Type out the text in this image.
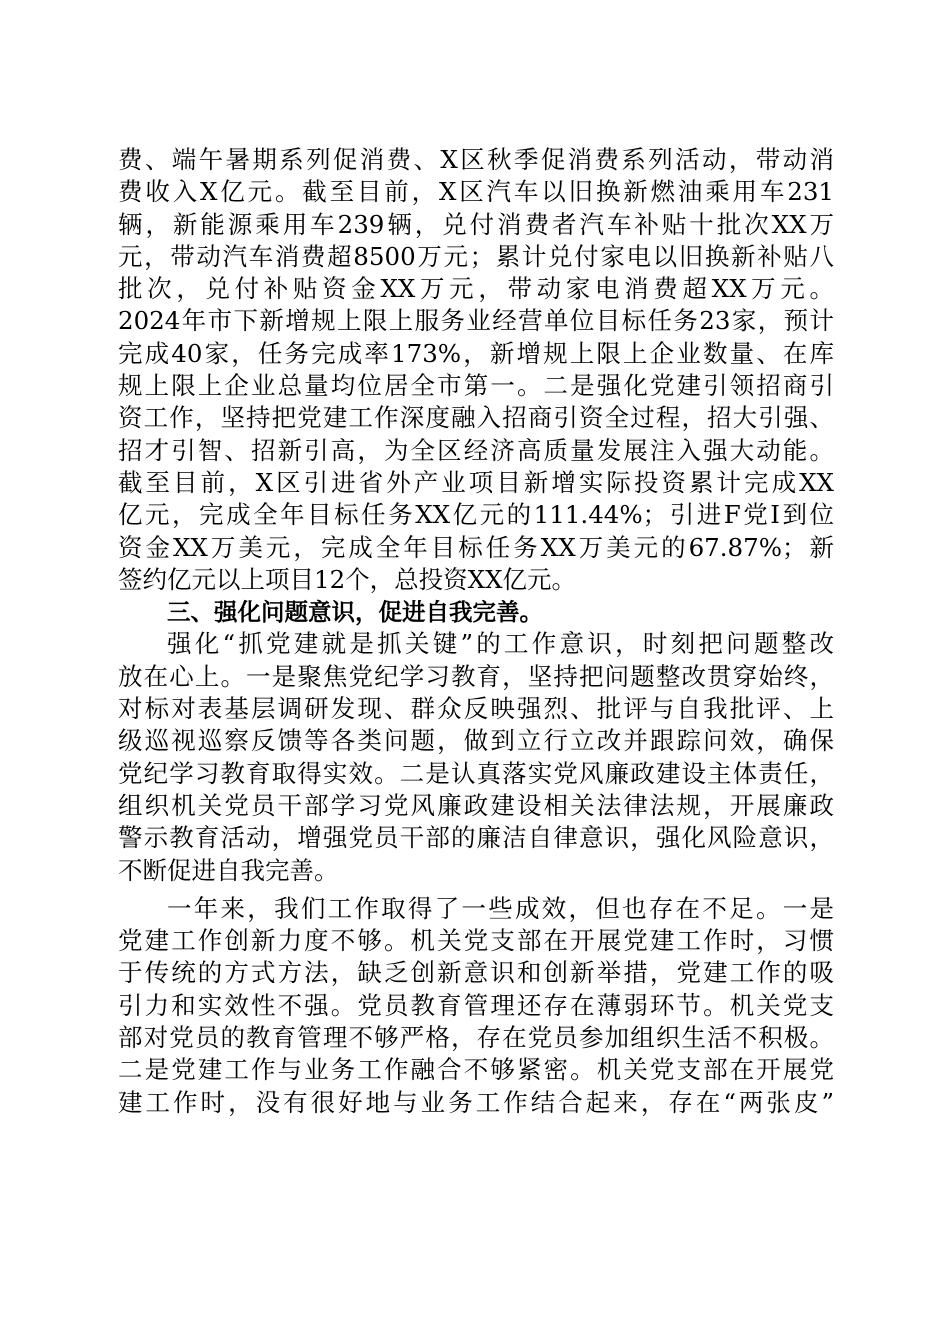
费、端午暑期系列促消费、X区秋季促消费系列活动，带动消
费收入X亿元。截至目前，X区汽车以旧换新燃油乘用车231
辆，新能源乘用车239辆，兑付消费者汽车补贴十批次XX万
元，带动汽车消费超8500万元；累计兑付家电以旧换新补贴八
批次，兑付补贴资金XX万元，带动家电消费超XX万元。
2024年市下新增规上限上服务业经营单位目标任务23家，预计
完成40家，任务完成率173%，新增规上限上企业数量、在库
规上限上企业总量均位居全市第一。二是强化党建引领招商引
资工作，坚持把党建工作深度融入招商引资全过程，招大引强、
招才引智、招新引高，为全区经济高质量发展注入强大动能。
截至目前，X区引进省外产业项目新增实际投资累计完成XX
亿元，完成全年目标任务XX亿元的111.44%；引进F党I到位
资金XX万美元，完成全年目标任务XX万美元的67.87%；新
签约亿元以上项目12个，总投资XX亿元。
三、强化问题意识，促进自我完善。
强化“抓党建就是抓关键”的工作意识，时刻把问题整改
放在心上。一是聚焦党纪学习教育，坚持把问题整改贯穿始终，
对标对表基层调研发现、群众反映强烈、批评与自我批评、上
级巡视巡察反馈等各类问题，做到立行立改并跟踪问效，确保
党纪学习教育取得实效。二是认真落实党风廉政建设主体责任，
组织机关党员干部学习党风廉政建设相关法律法规，开展廉政
警示教育活动，增强党员干部的廉洁自律意识，强化风险意识，
不断促进自我完善。
一年来，我们工作取得了一些成效，但也存在不足。一是
党建工作创新力度不够。机关党支部在开展党建工作时，习惯
于传统的方式方法，缺乏创新意识和创新举措，党建工作的吸
引力和实效性不强。党员教育管理还存在薄弱环节。机关党支
部对党员的教育管理不够严格，存在党员参加组织生活不积极。
二是党建工作与业务工作融合不够紧密。机关党支部在开展党
建工作时，没有很好地与业务工作结合起来，存在“两张皮”
